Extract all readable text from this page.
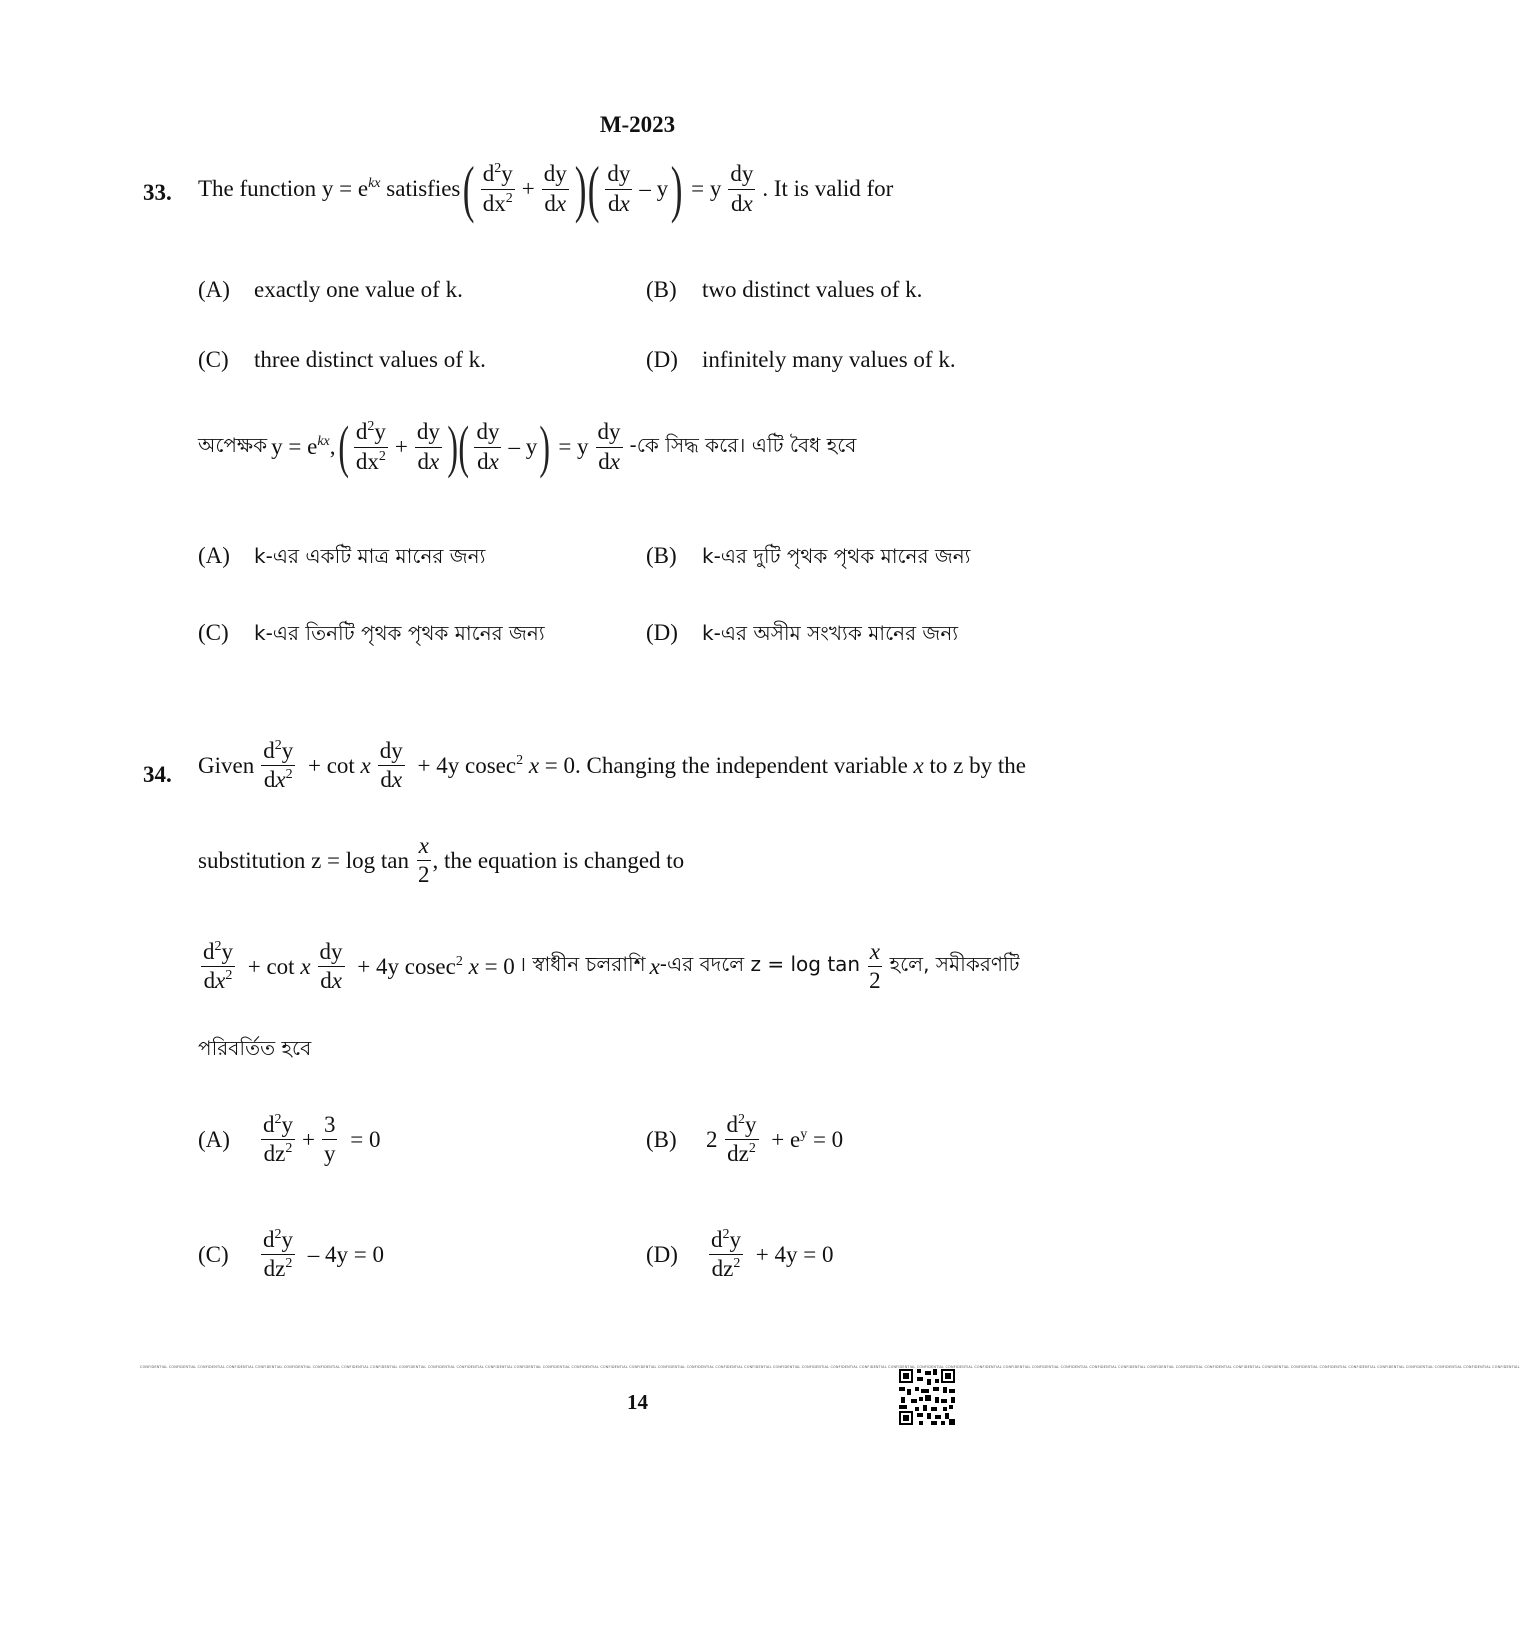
M-2023
33. The function $y = e^{kx}$ satisfies ( $\frac{d^2y}{dx^2} + \frac{dy}{dx}$ ) ( $\frac{dy}{dx}$ – y ) = y $\frac{dy}{dx}$ . It is valid for
(A) exactly one value of k.	(B) two distinct values of k.
(C) three distinct values of k.	(D) infinitely many values of k.
অপেক্ষক $y = e^{kx}$, ( $\frac{d^2y}{dx^2} + \frac{dy}{dx}$ ) ( $\frac{dy}{dx}$ – y ) = y $\frac{dy}{dx}$ -কে সিদ্ধ করে। এটি বৈধ হবে
(A) k-এর একটি মাত্র মানের জন্য	(B) k-এর দুটি পৃথক পৃথক মানের জন্য
(C) k-এর তিনটি পৃথক পৃথক মানের জন্য	(D) k-এর অসীম সংখ্যক মানের জন্য
34. Given $\frac{d^2y}{dx^2} + \cot x \frac{dy}{dx} + 4y$ cosec$^2$ x = 0. Changing the independent variable x to z by the
substitution $z = \log \tan \frac{x}{2}$ , the equation is changed to
$\frac{d^2y}{dx^2} + \cot x \frac{dy}{dx} + 4y$ cosec$^2$ x = 0 । স্বাধীন চলরাশি x -এর বদলে $z = \log \tan \frac{x}{2}$ হলে, সমীকরণটি
পরিবর্তিত হবে
(A)	$\frac{d^2y}{dz^2} + \frac{3}{y} = 0$	(B)	$2 \frac{d^2y}{dz^2} + e^y = 0$
(C)	$\frac{d^2y}{dz^2} - 4y = 0$	(D)	$\frac{d^2y}{dz^2} + 4y = 0$
CONFIDENTIAL CONFIDENTIAL CONFIDENTIAL CONFIDENTIAL CONFIDENTIAL CONFIDENTIAL CONFIDENTIAL CONFIDENTIAL CONFIDENTIAL CONFIDENTIAL CONFIDENTIAL CONFIDENTIAL CONFIDENTIAL CONFIDENTIAL CONFIDENTIAL CONFIDENTIAL CONFIDENTIAL CONFIDENTIAL CONFIDENTIAL CONFIDENTIAL CONFIDENTIAL CONFIDENTIAL CONFIDENTIAL CONFIDENTIAL CONFIDENTIAL CONFIDENTIAL CONFIDENTIAL CONFIDENTIAL CONFIDENTIAL CONFIDENTIAL CONFIDENTIAL CONFIDENTIAL CONFIDENTIAL CONFIDENTIAL CONFIDENTIAL CONFIDENTIAL CONFIDENTIAL CONFIDENTIAL CONFIDENTIAL CONFIDENTIAL CONFIDENTIAL CONFIDENTIAL CONFIDENTIAL CONFIDENTIAL CONFIDENTIAL CONFIDENTIAL CONFIDENTIAL CONFIDENTIAL
14
